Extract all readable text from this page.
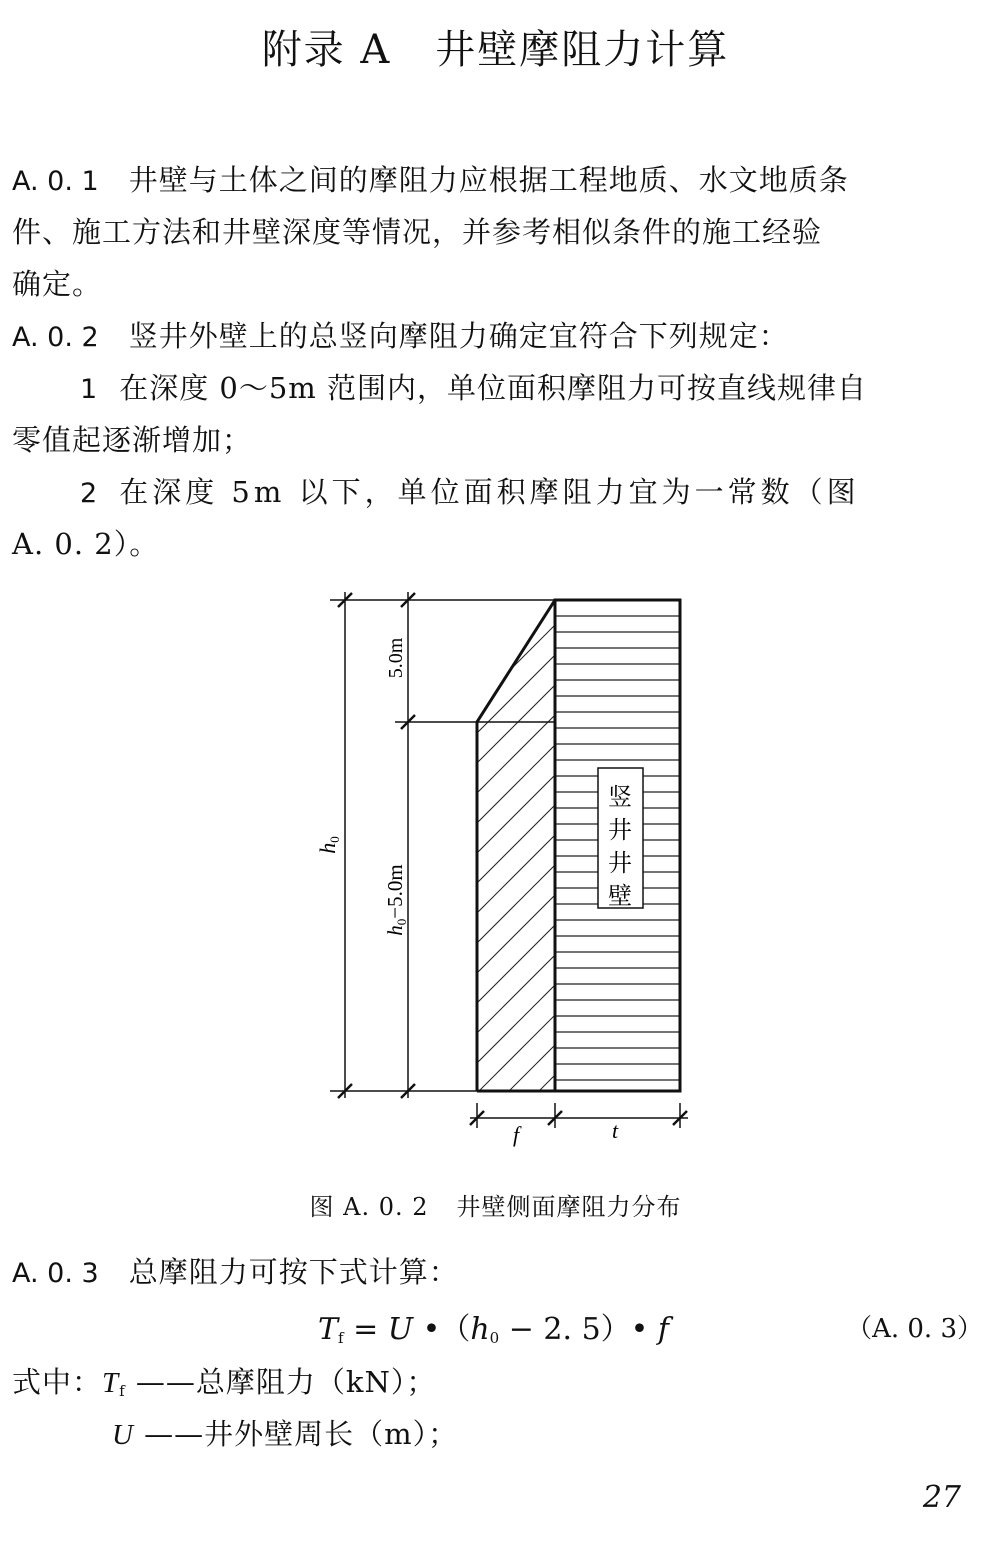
附录 A 井壁摩阻力计算
A. 0. 1 井壁与土体之间的摩阻力应根据工程地质、水文地质条
件、施工方法和井壁深度等情况，并参考相似条件的施工经验
确定。
A. 0. 2 竖井外壁上的总竖向摩阻力确定宜符合下列规定：
1 在深度 0～5m 范围内，单位面积摩阻力可按直线规律自
零值起逐渐增加；
2 在深度 5m 以下，单位面积摩阻力宜为一常数（图
A. 0. 2）。
竖
井
井
壁
5.0m
h0
h0−5.0m
f	t
图 A. 0. 2 井壁侧面摩阻力分布
A. 0. 3 总摩阻力可按下式计算：
$T_f = U$ $•(h_0 - 2$. 5）• f	（A. 0. 3）
式中：$T_f$ ——总摩阻力（kN）；
U ——井外壁周长（m）；
27
